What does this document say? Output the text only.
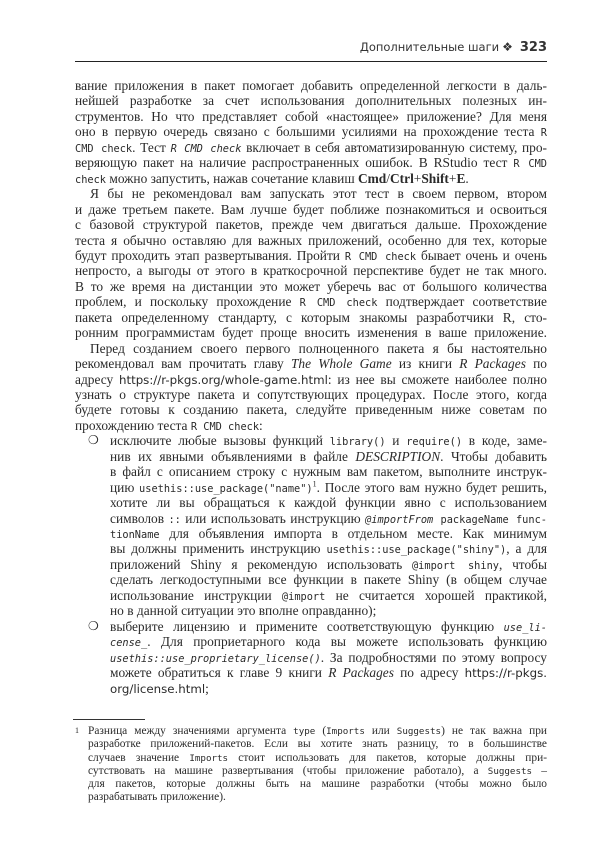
Дополнительные шаги ❖ 323
вание приложения в пакет помогает добавить определенной легкости в даль-
нейшей разработке за счет использования дополнительных полезных ин-
струментов. Но что представляет собой «настоящее» приложение? Для меня
оно в первую очередь связано с большими усилиями на прохождение теста R
CMD check. Тест R CMD check включает в себя автоматизированную систему, про-
веряющую пакет на наличие распространенных ошибок. В RStudio тест R CMD
check можно запустить, нажав сочетание клавиш Cmd/Ctrl+Shift+E.
Я бы не рекомендовал вам запускать этот тест в своем первом, втором
и даже третьем пакете. Вам лучше будет поближе познакомиться и освоиться
с базовой структурой пакетов, прежде чем двигаться дальше. Прохождение
теста я обычно оставляю для важных приложений, особенно для тех, которые
будут проходить этап развертывания. Пройти R CMD check бывает очень и очень
непросто, а выгоды от этого в краткосрочной перспективе будет не так много.
В то же время на дистанции это может уберечь вас от большого количества
проблем, и поскольку прохождение R CMD check подтверждает соответствие
пакета определенному стандарту, с которым знакомы разработчики R, сто-
ронним программистам будет проще вносить изменения в ваше приложение.
Перед созданием своего первого полноценного пакета я бы настоятельно
рекомендовал вам прочитать главу The Whole Game из книги R Packages по
адресу https://r-pkgs.org/whole-game.html: из нее вы сможете наиболее полно
узнать о структуре пакета и сопутствующих процедурах. После этого, когда
будете готовы к созданию пакета, следуйте приведенным ниже советам по
прохождению теста R CMD check:
❍ исключите любые вызовы функций library() и require() в коде, заме-
нив их явными объявлениями в файле DESCRIPTION. Чтобы добавить
в файл с описанием строку с нужным вам пакетом, выполните инструк-
цию usethis::use_package("name")$^1$. После этого вам нужно будет решить,
хотите ли вы обращаться к каждой функции явно с использованием
символов :: или использовать инструкцию @importFrom packageName func-
tionName для объявления импорта в отдельном месте. Как минимум
вы должны применить инструкцию usethis::use_package("shiny"), а для
приложений Shiny я рекомендую использовать @import shiny, чтобы
сделать легкодоступными все функции в пакете Shiny (в общем случае
использование инструкции @import не считается хорошей практикой,
но в данной ситуации это вполне оправданно);
❍ выберите лицензию и примените соответствующую функцию use_li-
cense_. Для проприетарного кода вы можете использовать функцию
usethis::use_proprietary_license(). За подробностями по этому вопросу
можете обратиться к главе 9 книги R Packages по адресу https://r-pkgs.
org/license.html;
1 Разница между значениями аргумента type (Imports или Suggests) не так важна при
разработке приложений-пакетов. Если вы хотите знать разницу, то в большинстве
случаев значение Imports стоит использовать для пакетов, которые должны при-
сутствовать на машине развертывания (чтобы приложение работало), а Suggests –
для пакетов, которые должны быть на машине разработки (чтобы можно было
разрабатывать приложение).
